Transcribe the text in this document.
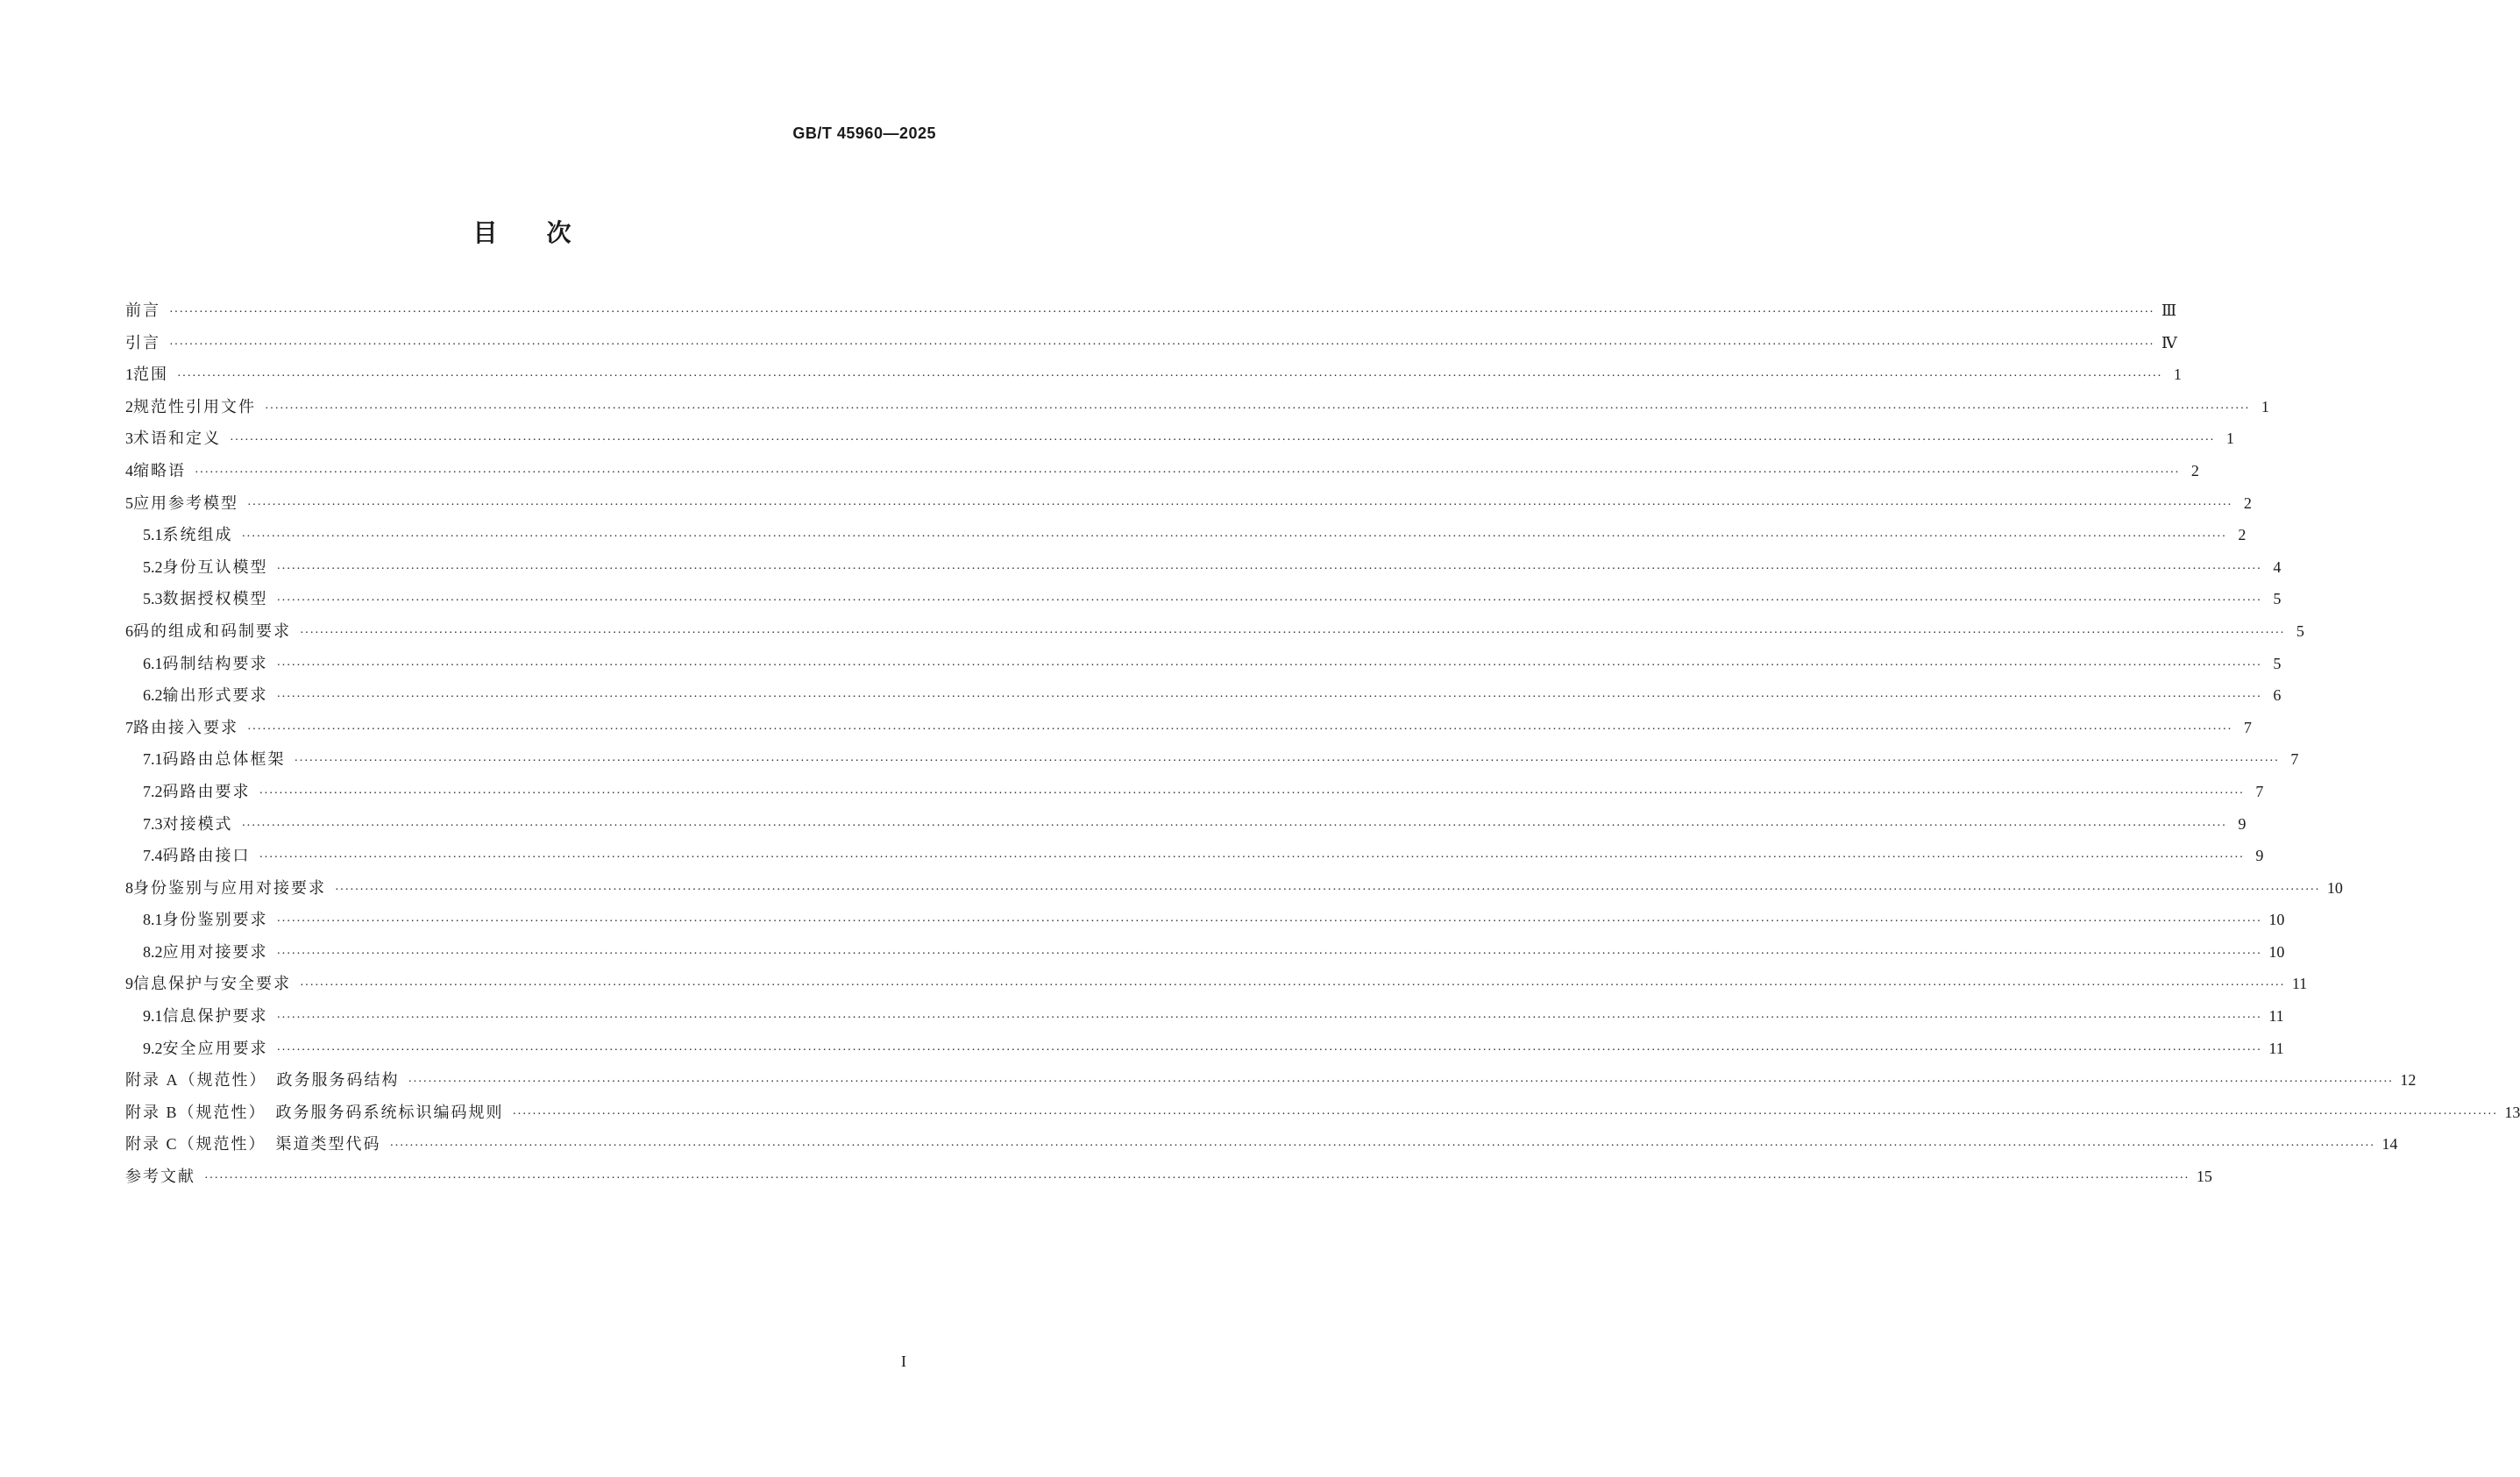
GB/T 45960—2025
目 次
前言 ················································································································································································································································································································································································································ Ⅲ
引言 ················································································································································································································································································································································································································ Ⅳ
1 范围 ················································································································································································································································································································································································································ 1
2 规范性引用文件 ················································································································································································································································································································································································································ 1
3 术语和定义 ················································································································································································································································································································································································································ 1
4 缩略语 ················································································································································································································································································································································································································ 2
5 应用参考模型 ················································································································································································································································································································································································································ 2
5.1 系统组成 ················································································································································································································································································································································································································ 2
5.2 身份互认模型 ················································································································································································································································································································································································································ 4
5.3 数据授权模型 ················································································································································································································································································································································································································ 5
6 码的组成和码制要求 ················································································································································································································································································································································································································ 5
6.1 码制结构要求 ················································································································································································································································································································································································································ 5
6.2 输出形式要求 ················································································································································································································································································································································································································ 6
7 路由接入要求 ················································································································································································································································································································································································································ 7
7.1 码路由总体框架 ················································································································································································································································································································································································································ 7
7.2 码路由要求 ················································································································································································································································································································································································································ 7
7.3 对接模式 ················································································································································································································································································································································································································ 9
7.4 码路由接口 ················································································································································································································································································································································································································ 9
8 身份鉴别与应用对接要求 ················································································································································································································································································································································································································ 10
8.1 身份鉴别要求 ················································································································································································································································································································································································································ 10
8.2 应用对接要求 ················································································································································································································································································································································································································ 10
9 信息保护与安全要求 ················································································································································································································································································································································································································ 11
9.1 信息保护要求 ················································································································································································································································································································································································································ 11
9.2 安全应用要求 ················································································································································································································································································································································································································ 11
附录 A（规范性）　政务服务码结构 ················································································································································································································································································································································································································ 12
附录 B（规范性）　政务服务码系统标识编码规则 ················································································································································································································································································································································································································ 13
附录 C（规范性）　渠道类型代码 ················································································································································································································································································································································································································ 14
参考文献 ················································································································································································································································································································································································································ 15
I
